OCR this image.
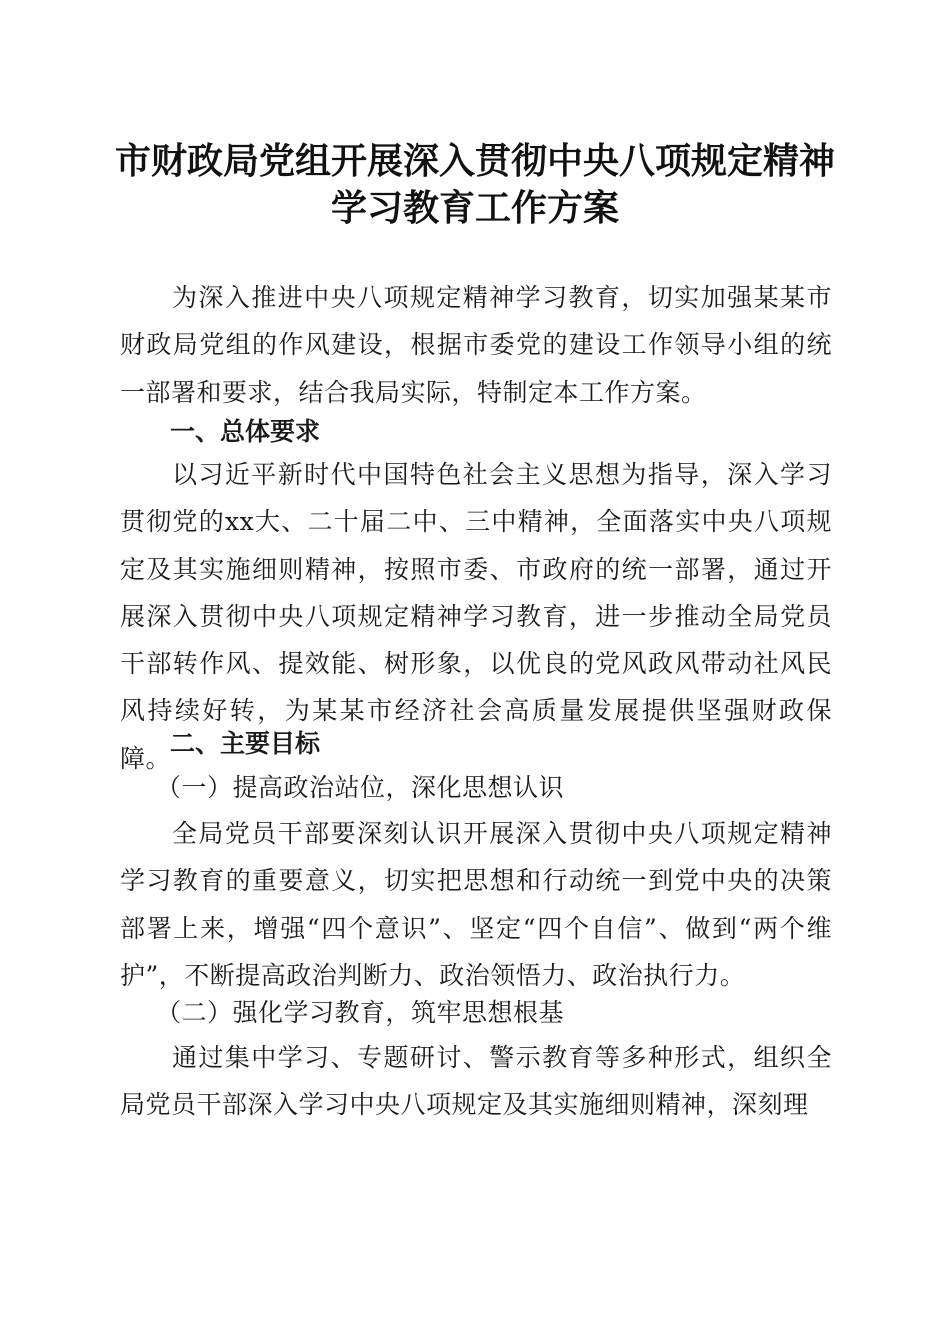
市财政局党组开展深入贯彻中央八项规定精神
学习教育工作方案

为深入推进中央八项规定精神学习教育，切实加强某某市财政局党组的作风建设，根据市委党的建设工作领导小组的统一部署和要求，结合我局实际，特制定本工作方案。

一、总体要求

以习近平新时代中国特色社会主义思想为指导，深入学习贯彻党的xx大、二十届二中、三中精神，全面落实中央八项规定及其实施细则精神，按照市委、市政府的统一部署，通过开展深入贯彻中央八项规定精神学习教育，进一步推动全局党员干部转作风、提效能、树形象，以优良的党风政风带动社风民风持续好转，为某某市经济社会高质量发展提供坚强财政保障。

二、主要目标

（一）提高政治站位，深化思想认识

全局党员干部要深刻认识开展深入贯彻中央八项规定精神学习教育的重要意义，切实把思想和行动统一到党中央的决策部署上来，增强“四个意识”、坚定“四个自信”、做到“两个维护”，不断提高政治判断力、政治领悟力、政治执行力。

（二）强化学习教育，筑牢思想根基

通过集中学习、专题研讨、警示教育等多种形式，组织全局党员干部深入学习中央八项规定及其实施细则精神，深刻理
